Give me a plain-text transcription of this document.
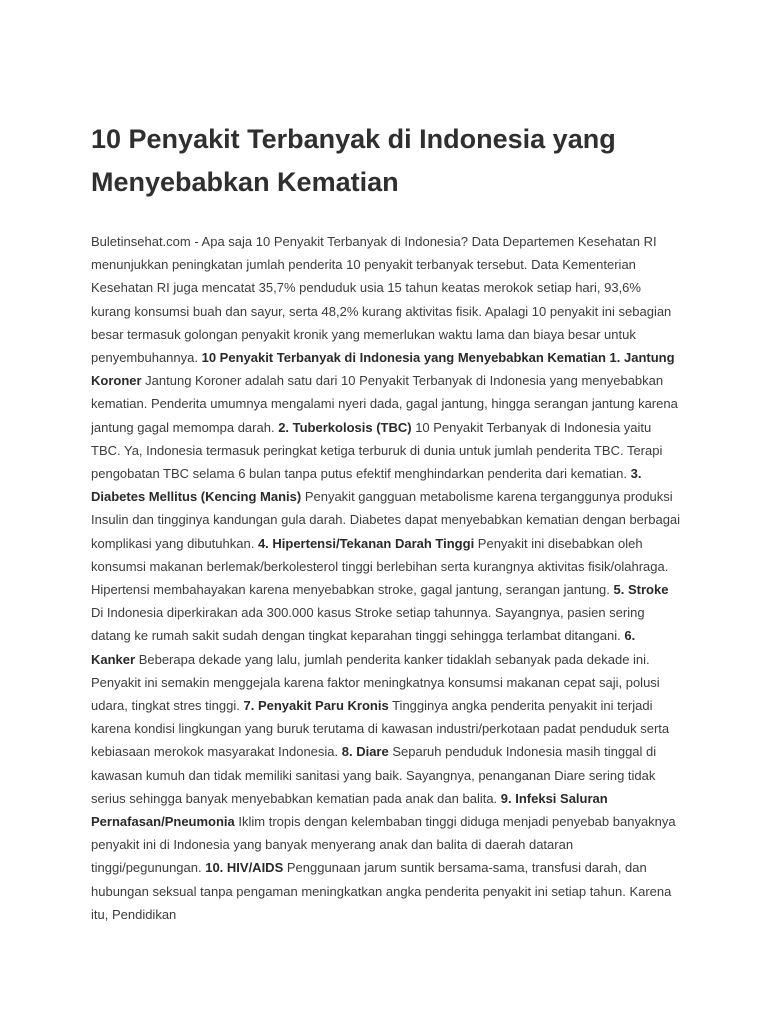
10 Penyakit Terbanyak di Indonesia yang Menyebabkan Kematian

Buletinsehat.com - Apa saja 10 Penyakit Terbanyak di Indonesia? Data Departemen Kesehatan RI menunjukkan peningkatan jumlah penderita 10 penyakit terbanyak tersebut. Data Kementerian Kesehatan RI juga mencatat 35,7% penduduk usia 15 tahun keatas merokok setiap hari, 93,6% kurang konsumsi buah dan sayur, serta 48,2% kurang aktivitas fisik. Apalagi 10 penyakit ini sebagian besar termasuk golongan penyakit kronik yang memerlukan waktu lama dan biaya besar untuk penyembuhannya. 10 Penyakit Terbanyak di Indonesia yang Menyebabkan Kematian 1. Jantung Koroner Jantung Koroner adalah satu dari 10 Penyakit Terbanyak di Indonesia yang menyebabkan kematian. Penderita umumnya mengalami nyeri dada, gagal jantung, hingga serangan jantung karena jantung gagal memompa darah. 2. Tuberkolosis (TBC) 10 Penyakit Terbanyak di Indonesia yaitu TBC. Ya, Indonesia termasuk peringkat ketiga terburuk di dunia untuk jumlah penderita TBC. Terapi pengobatan TBC selama 6 bulan tanpa putus efektif menghindarkan penderita dari kematian. 3. Diabetes Mellitus (Kencing Manis) Penyakit gangguan metabolisme karena terganggunya produksi Insulin dan tingginya kandungan gula darah. Diabetes dapat menyebabkan kematian dengan berbagai komplikasi yang dibutuhkan. 4. Hipertensi/Tekanan Darah Tinggi Penyakit ini disebabkan oleh konsumsi makanan berlemak/berkolesterol tinggi berlebihan serta kurangnya aktivitas fisik/olahraga. Hipertensi membahayakan karena menyebabkan stroke, gagal jantung, serangan jantung. 5. Stroke Di Indonesia diperkirakan ada 300.000 kasus Stroke setiap tahunnya. Sayangnya, pasien sering datang ke rumah sakit sudah dengan tingkat keparahan tinggi sehingga terlambat ditangani. 6. Kanker Beberapa dekade yang lalu, jumlah penderita kanker tidaklah sebanyak pada dekade ini. Penyakit ini semakin menggejala karena faktor meningkatnya konsumsi makanan cepat saji, polusi udara, tingkat stres tinggi. 7. Penyakit Paru Kronis Tingginya angka penderita penyakit ini terjadi karena kondisi lingkungan yang buruk terutama di kawasan industri/perkotaan padat penduduk serta kebiasaan merokok masyarakat Indonesia. 8. Diare Separuh penduduk Indonesia masih tinggal di kawasan kumuh dan tidak memiliki sanitasi yang baik. Sayangnya, penanganan Diare sering tidak serius sehingga banyak menyebabkan kematian pada anak dan balita. 9. Infeksi Saluran Pernafasan/Pneumonia Iklim tropis dengan kelembaban tinggi diduga menjadi penyebab banyaknya penyakit ini di Indonesia yang banyak menyerang anak dan balita di daerah dataran tinggi/pegunungan. 10. HIV/AIDS Penggunaan jarum suntik bersama-sama, transfusi darah, dan hubungan seksual tanpa pengaman meningkatkan angka penderita penyakit ini setiap tahun. Karena itu, Pendidikan
